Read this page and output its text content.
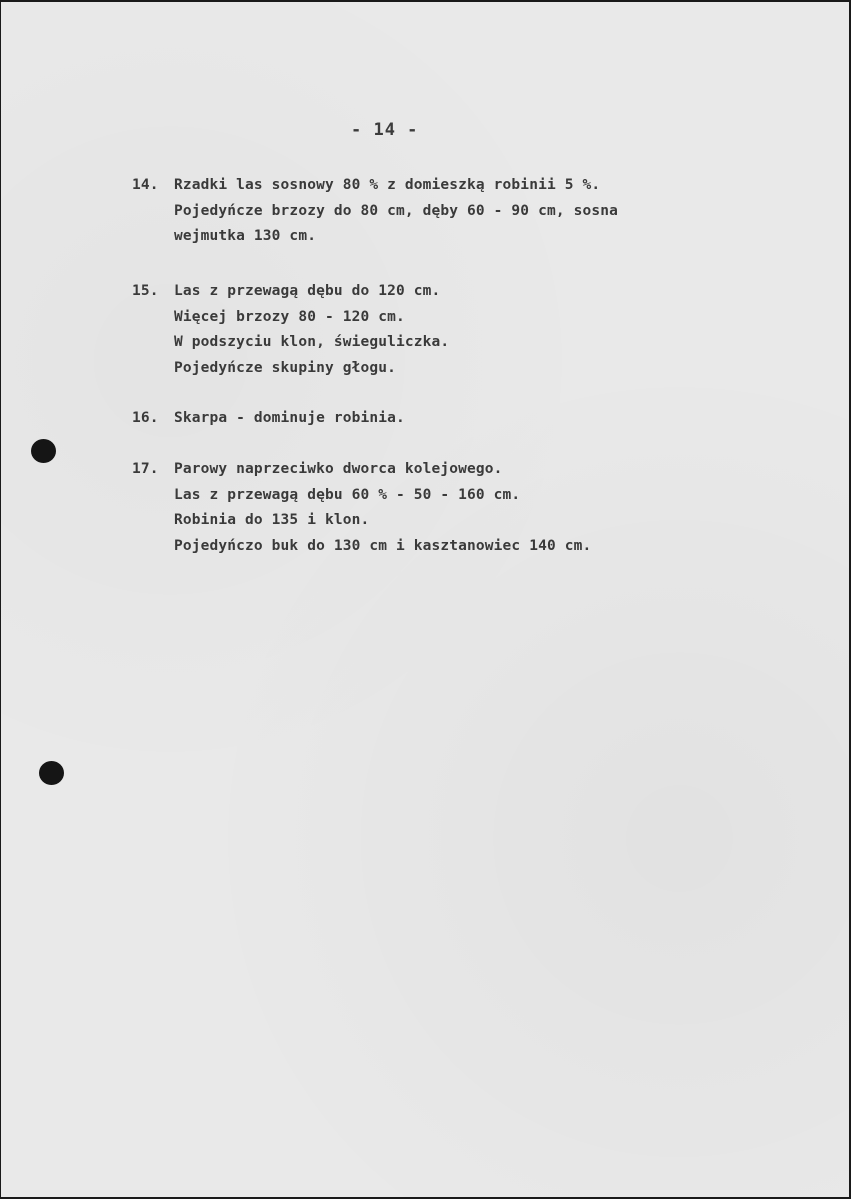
- 14 -
14. Rzadki las sosnowy 80 % z domieszką robinii 5 %.
Pojedyńcze brzozy do 80 cm, dęby 60 - 90 cm, sosna
wejmutka 130 cm.
15. Las z przewagą dębu do 120 cm.
Więcej brzozy 80 - 120 cm.
W podszyciu klon, świeguliczka.
Pojedyńcze skupiny głogu.
16. Skarpa - dominuje robinia.
17. Parowy naprzeciwko dworca kolejowego.
Las z przewagą dębu 60 % - 50 - 160 cm.
Robinia do 135 i klon.
Pojedyńczo buk do 130 cm i kasztanowiec 140 cm.
